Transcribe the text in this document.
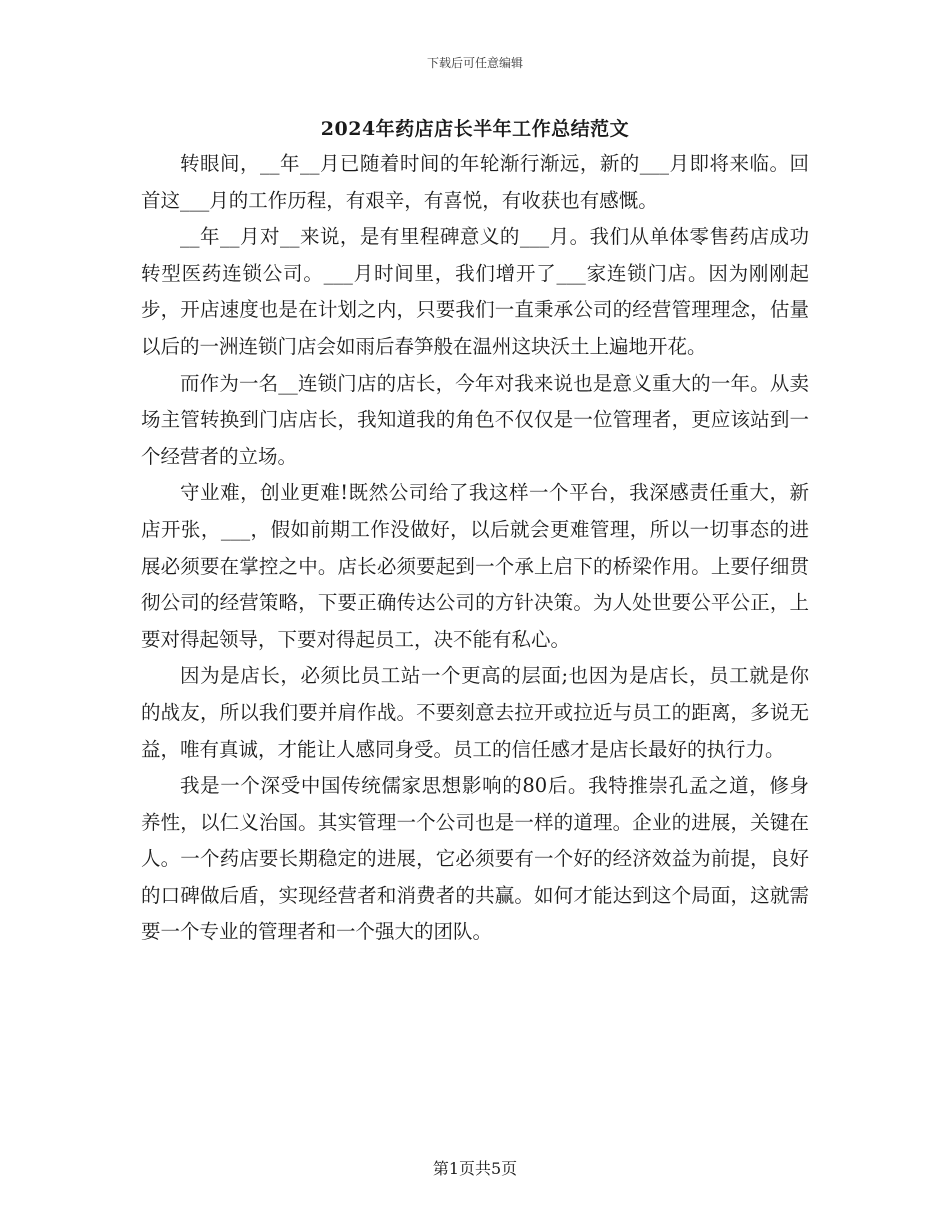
下载后可任意编辑
2024年药店店长半年工作总结范文

转眼间，__年__月已随着时间的年轮渐行渐远，新的___月即将来临。回首这___月的工作历程，有艰辛，有喜悦，有收获也有感慨。

__年__月对__来说，是有里程碑意义的___月。我们从单体零售药店成功转型医药连锁公司。___月时间里，我们增开了___家连锁门店。因为刚刚起步，开店速度也是在计划之内，只要我们一直秉承公司的经营管理理念，估量以后的一洲连锁门店会如雨后春笋般在温州这块沃土上遍地开花。

而作为一名__连锁门店的店长，今年对我来说也是意义重大的一年。从卖场主管转换到门店店长，我知道我的角色不仅仅是一位管理者，更应该站到一个经营者的立场。

守业难，创业更难!既然公司给了我这样一个平台，我深感责任重大，新店开张，___，假如前期工作没做好，以后就会更难管理，所以一切事态的进展必须要在掌控之中。店长必须要起到一个承上启下的桥梁作用。上要仔细贯彻公司的经营策略，下要正确传达公司的方针决策。为人处世要公平公正，上要对得起领导，下要对得起员工，决不能有私心。

因为是店长，必须比员工站一个更高的层面;也因为是店长，员工就是你的战友，所以我们要并肩作战。不要刻意去拉开或拉近与员工的距离，多说无益，唯有真诚，才能让人感同身受。员工的信任感才是店长最好的执行力。

我是一个深受中国传统儒家思想影响的80后。我特推崇孔孟之道，修身养性，以仁义治国。其实管理一个公司也是一样的道理。企业的进展，关键在人。一个药店要长期稳定的进展，它必须要有一个好的经济效益为前提，良好的口碑做后盾，实现经营者和消费者的共赢。如何才能达到这个局面，这就需要一个专业的管理者和一个强大的团队。

第1页共5页
